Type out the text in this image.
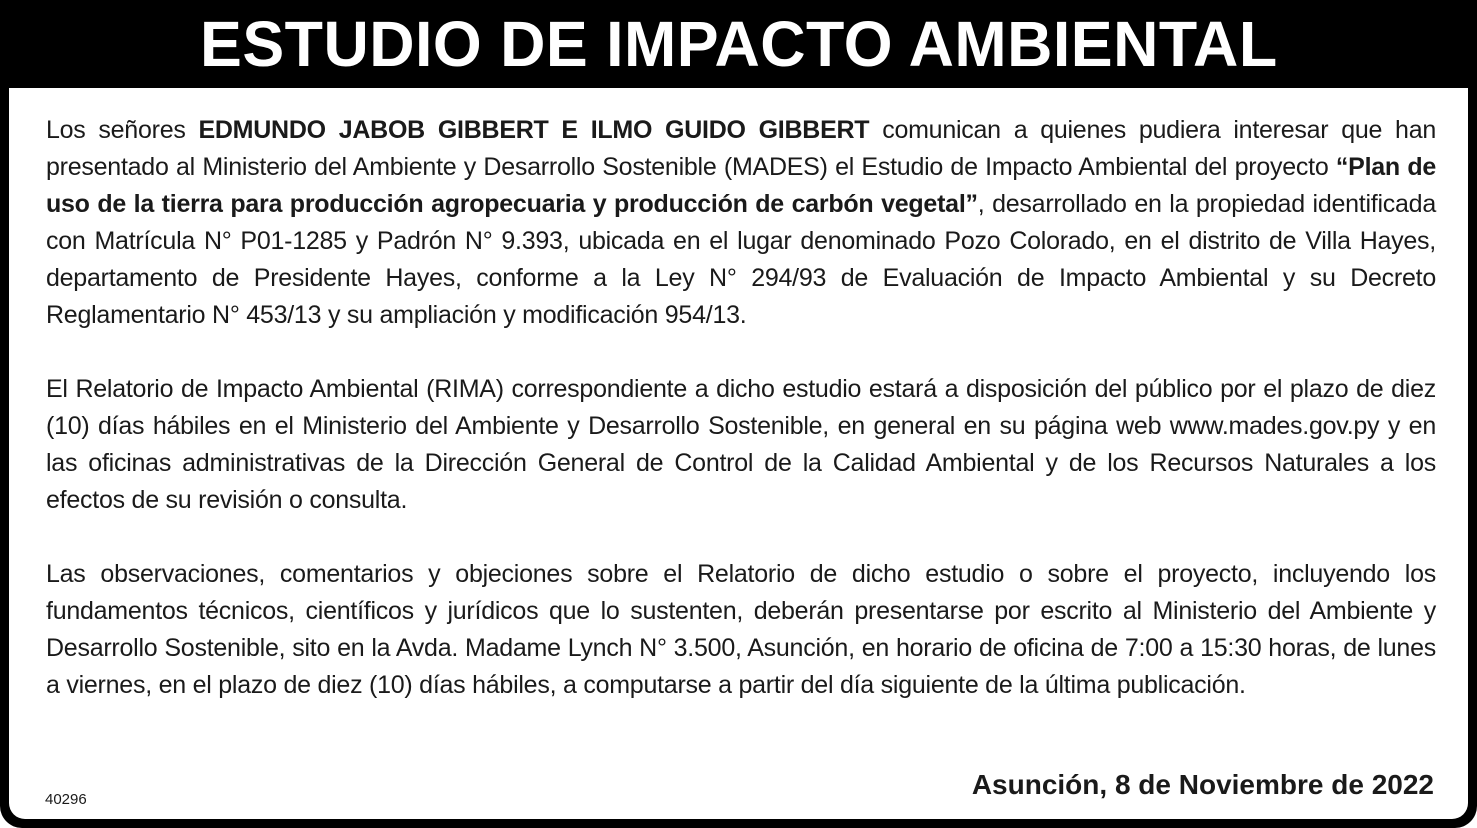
ESTUDIO DE IMPACTO AMBIENTAL

Los señores EDMUNDO JABOB GIBBERT E ILMO GUIDO GIBBERT comunican a quienes pudiera interesar que han presentado al Ministerio del Ambiente y Desarrollo Sostenible (MADES) el Estudio de Impacto Ambiental del proyecto “Plan de uso de la tierra para producción agropecuaria y producción de carbón vegetal”, desarrollado en la propiedad identificada con Matrícula N° P01-1285 y Padrón N° 9.393, ubicada en el lugar denominado Pozo Colorado, en el distrito de Villa Hayes, departamento de Presidente Hayes, conforme a la Ley N° 294/93 de Evaluación de Impacto Ambiental y su Decreto Reglamentario N° 453/13 y su ampliación y modificación 954/13.

El Relatorio de Impacto Ambiental (RIMA) correspondiente a dicho estudio estará a disposición del público por el plazo de diez (10) días hábiles en el Ministerio del Ambiente y Desarrollo Sostenible, en general en su página web www.mades.gov.py y en las oficinas administrativas de la Dirección General de Control de la Calidad Ambiental y de los Recursos Naturales a los efectos de su revisión o consulta.

Las observaciones, comentarios y objeciones sobre el Relatorio de dicho estudio o sobre el proyecto, incluyendo los fundamentos técnicos, científicos y jurídicos que lo sustenten, deberán presentarse por escrito al Ministerio del Ambiente y Desarrollo Sostenible, sito en la Avda. Madame Lynch N° 3.500, Asunción, en horario de oficina de 7:00 a 15:30 horas, de lunes a viernes, en el plazo de diez (10) días hábiles, a computarse a partir del día siguiente de la última publicación.

40296	Asunción, 8 de Noviembre de 2022
